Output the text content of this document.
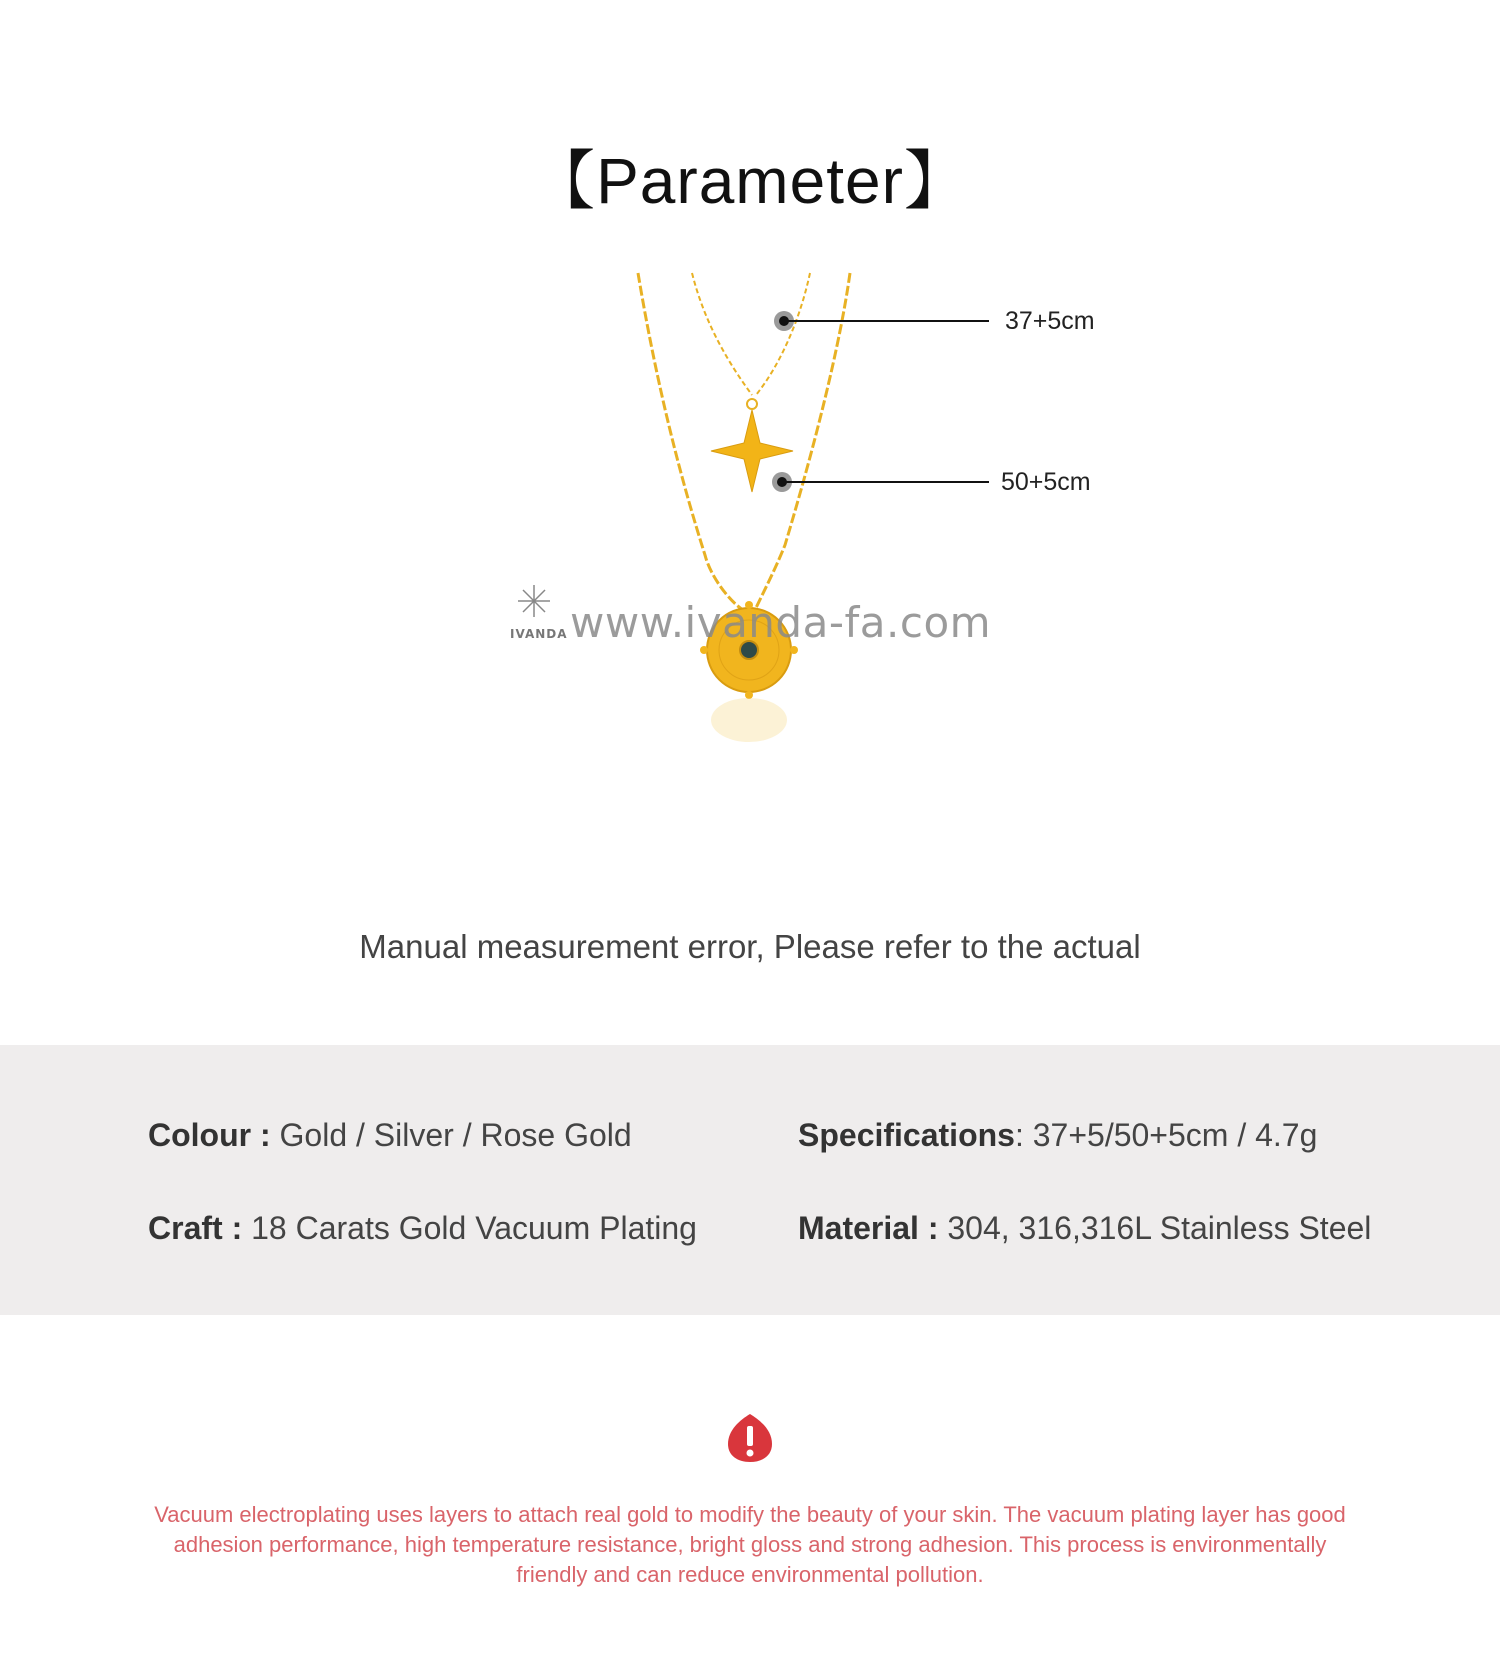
【Parameter】
37+5cm
50+5cm
IVANDA www.ivanda-fa.com
Manual measurement error, Please refer to the actual
Colour : Gold / Silver / Rose Gold	Specifications: 37+5/50+5cm / 4.7g
Craft : 18 Carats Gold Vacuum Plating	Material : 304, 316,316L Stainless Steel
Vacuum electroplating uses layers to attach real gold to modify the beauty of your skin. The vacuum plating layer has good adhesion performance, high temperature resistance, bright gloss and strong adhesion. This process is environmentally friendly and can reduce environmental pollution.
